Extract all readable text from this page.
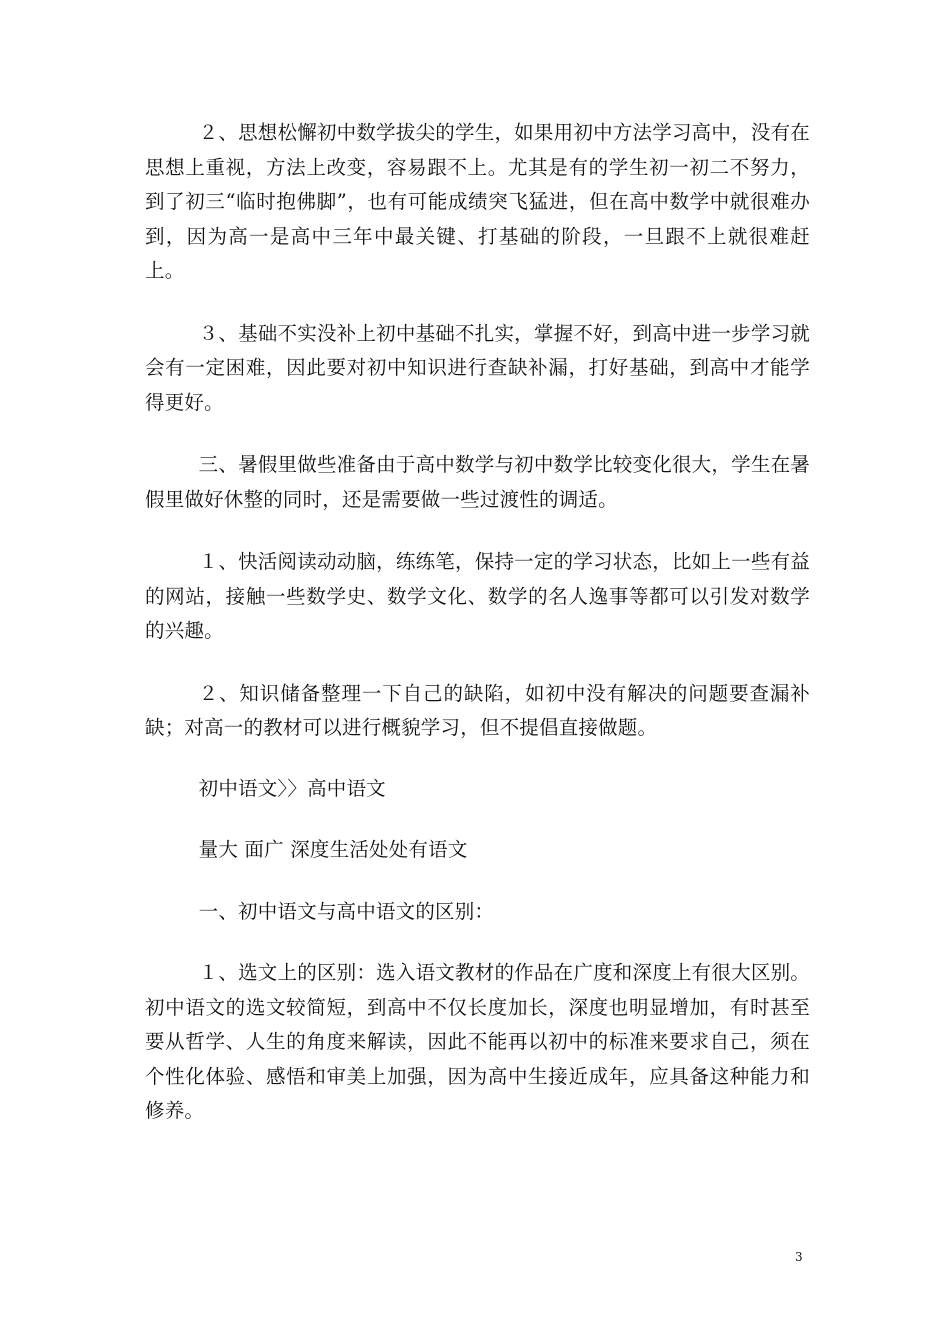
２、思想松懈初中数学拔尖的学生，如果用初中方法学习高中，没有在思想上重视，方法上改变，容易跟不上。尤其是有的学生初一初二不努力，到了初三“临时抱佛脚”，也有可能成绩突飞猛进，但在高中数学中就很难办到，因为高一是高中三年中最关键、打基础的阶段，一旦跟不上就很难赶上。

３、基础不实没补上初中基础不扎实，掌握不好，到高中进一步学习就会有一定困难，因此要对初中知识进行查缺补漏，打好基础，到高中才能学得更好。

三、暑假里做些准备由于高中数学与初中数学比较变化很大，学生在暑假里做好休整的同时，还是需要做一些过渡性的调适。

１、快活阅读动动脑，练练笔，保持一定的学习状态，比如上一些有益的网站，接触一些数学史、数学文化、数学的名人逸事等都可以引发对数学的兴趣。

２、知识储备整理一下自己的缺陷，如初中没有解决的问题要查漏补缺；对高一的教材可以进行概貌学习，但不提倡直接做题。

初中语文〉〉高中语文

量大 面广 深度生活处处有语文

一、初中语文与高中语文的区别：

１、选文上的区别：选入语文教材的作品在广度和深度上有很大区别。初中语文的选文较简短，到高中不仅长度加长，深度也明显增加，有时甚至要从哲学、人生的角度来解读，因此不能再以初中的标准来要求自己，须在个性化体验、感悟和审美上加强，因为高中生接近成年，应具备这种能力和修养。

3
